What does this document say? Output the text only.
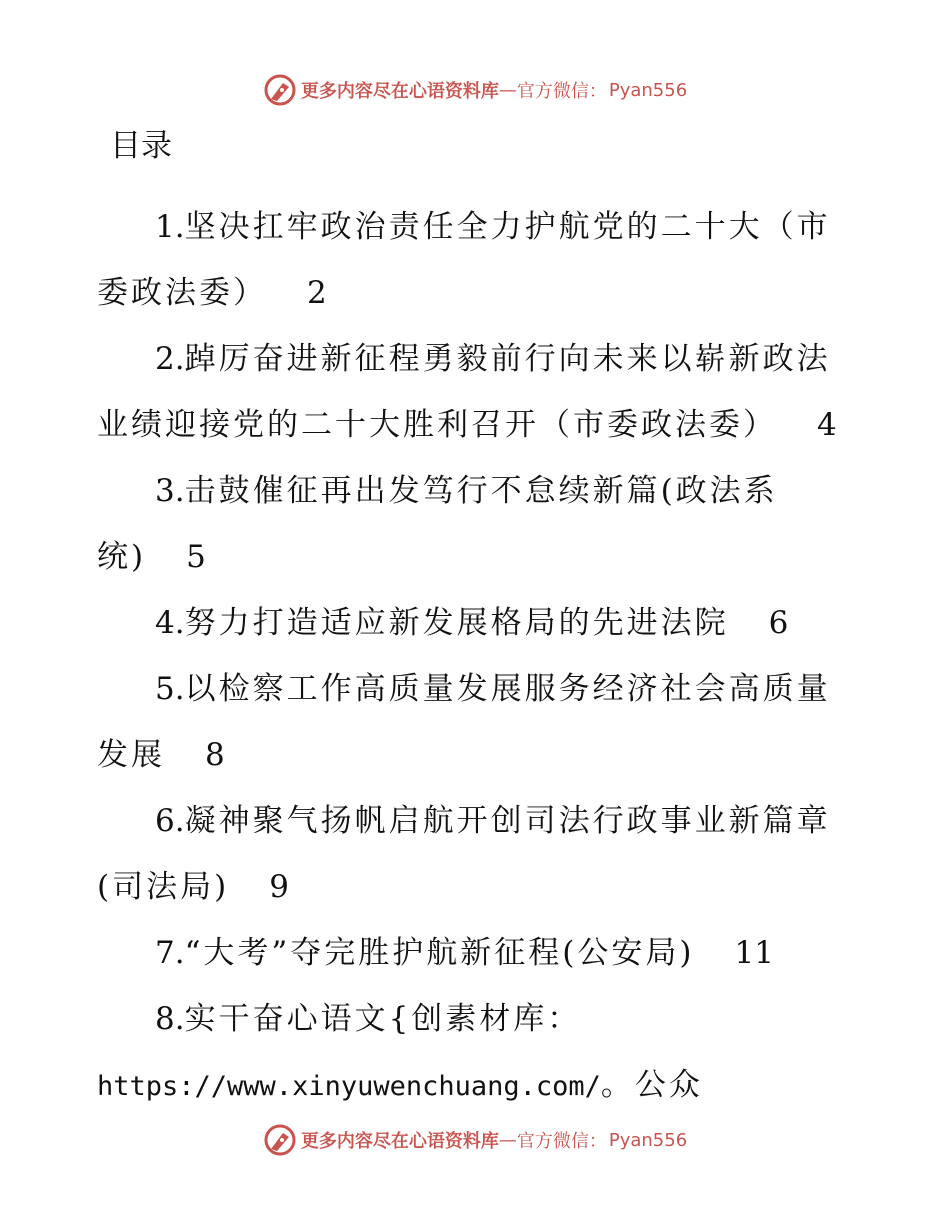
更多内容尽在心语资料库 — 官方微信： Pyan556
目录

1.坚决扛牢政治责任全力护航党的二十大（市委政法委） 2

2.踔厉奋进新征程勇毅前行向未来以崭新政法业绩迎接党的二十大胜利召开（市委政法委） 4

3.击鼓催征再出发笃行不怠续新篇(政法系统) 5

4.努力打造适应新发展格局的先进法院 6

5.以检察工作高质量发展服务经济社会高质量发展 8

6.凝神聚气扬帆启航开创司法行政事业新篇章(司法局) 9

7.“大考”夺完胜护航新征程(公安局) 11

8.实干奋心语文{创素材库：https://www.xinyuwenchuang.com/。公众

更多内容尽在心语资料库 — 官方微信： Pyan556
